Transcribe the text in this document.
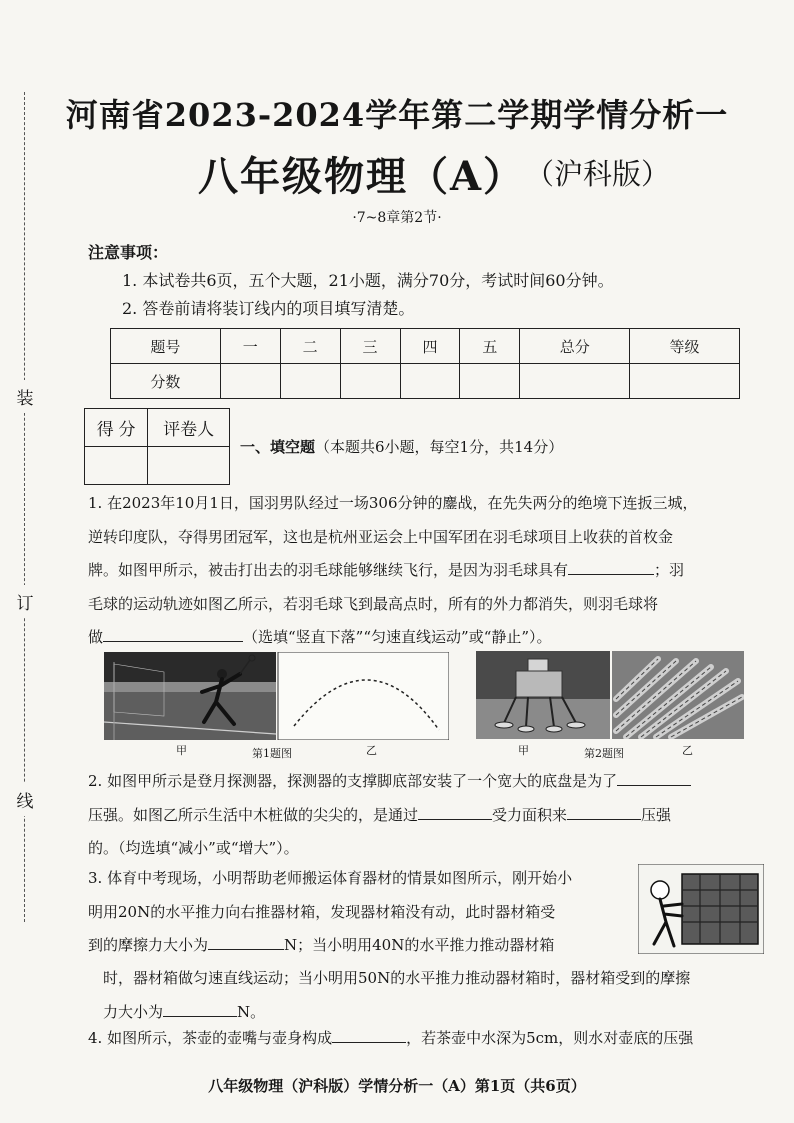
装
订
线
河南省2023-2024学年第二学期学情分析一
八年级物理（A） （沪科版）
·7~8章第2节·
注意事项：
1. 本试卷共6页，五个大题，21小题，满分70分，考试时间60分钟。
2. 答卷前请将装订线内的项目填写清楚。
题号	一	二	三	四	五	总分	等级
分数							
得 分	评卷人

一、填空题（本题共6小题，每空1分，共14分）
1. 在2023年10月1日，国羽男队经过一场306分钟的鏖战，在先失两分的绝境下连扳三城，
逆转印度队，夺得男团冠军，这也是杭州亚运会上中国军团在羽毛球项目上收获的首枚金
牌。如图甲所示，被击打出去的羽毛球能够继续飞行，是因为羽毛球具有	；羽
毛球的运动轨迹如图乙所示，若羽毛球飞到最高点时，所有的外力都消失，则羽毛球将
做	（选填“竖直下落”“匀速直线运动”或“静止”）。
甲	第1题图	乙	甲	第2题图	乙
2. 如图甲所示是登月探测器，探测器的支撑脚底部安装了一个宽大的底盘是为了
压强。如图乙所示生活中木桩做的尖尖的，是通过	受力面积来	压强
的。（均选填“减小”或“增大”）。
3. 体育中考现场，小明帮助老师搬运体育器材的情景如图所示，刚开始小
明用20N的水平推力向右推器材箱，发现器材箱没有动，此时器材箱受
到的摩擦力大小为	N；当小明用40N的水平推力推动器材箱
时，器材箱做匀速直线运动；当小明用50N的水平推力推动器材箱时，器材箱受到的摩擦
力大小为	N。
4. 如图所示，茶壶的壶嘴与壶身构成	，若茶壶中水深为5cm，则水对壶底的压强
八年级物理（沪科版）学情分析一（A）第1页（共6页）
